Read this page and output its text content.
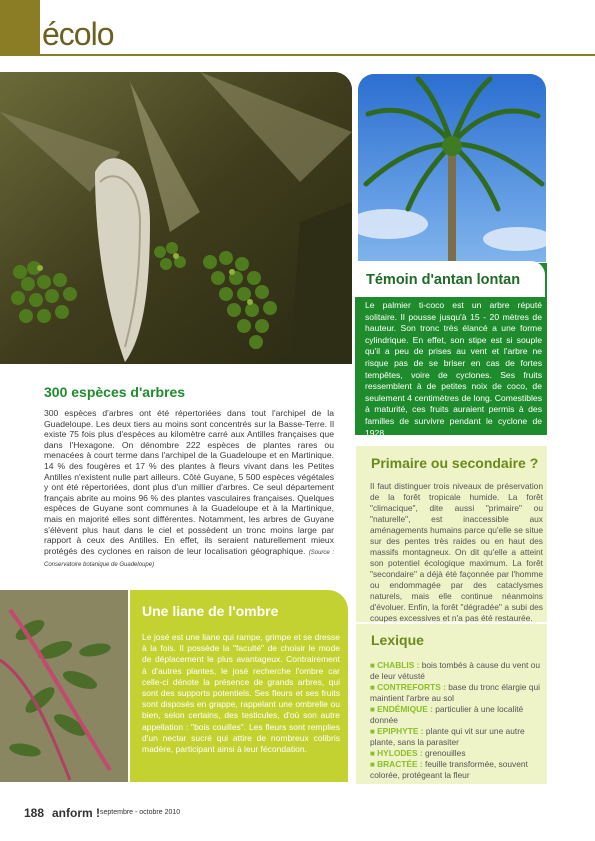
écolo
Témoin d'antan lontan
Le palmier ti-coco est un arbre réputé solitaire. Il pousse jusqu'à 15 - 20 mètres de hauteur. Son tronc très élancé a une forme cylindrique. En effet, son stipe est si souple qu'il a peu de prises au vent et l'arbre ne risque pas de se briser en cas de fortes tempêtes, voire de cyclones. Ses fruits ressemblent à de petites noix de coco, de seulement 4 centimètres de long. Comestibles à maturité, ces fruits auraient permis à des familles de survivre pendant le cyclone de 1928.
300 espèces d'arbres
300 espèces d'arbres ont été répertoriées dans tout l'archipel de la Guadeloupe. Les deux tiers au moins sont concentrés sur la Basse-Terre. Il existe 75 fois plus d'espèces au kilomètre carré aux Antilles françaises que dans l'Hexagone. On dénombre 222 espèces de plantes rares ou menacées à court terme dans l'archipel de la Guadeloupe et en Martinique. 14 % des fougères et 17 % des plantes à fleurs vivant dans les Petites Antilles n'existent nulle part ailleurs. Côté Guyane, 5 500 espèces végétales y ont été répertoriées, dont plus d'un millier d'arbres. Ce seul département français abrite au moins 96 % des plantes vasculaires françaises. Quelques espèces de Guyane sont communes à la Guadeloupe et à la Martinique, mais en majorité elles sont différentes. Notamment, les arbres de Guyane s'élèvent plus haut dans le ciel et possèdent un tronc moins large par rapport à ceux des Antilles. En effet, ils seraient naturellement mieux protégés des cyclones en raison de leur localisation géographique. (Source : Conservatoire botanique de Guadeloupe)
Primaire ou secondaire ?
Il faut distinguer trois niveaux de préservation de la forêt tropicale humide. La forêt "climacique", dite aussi "primaire" ou "naturelle", est inaccessible aux aménagements humains parce qu'elle se situe sur des pentes très raides ou en haut des massifs montagneux. On dit qu'elle a atteint son potentiel écologique maximum. La forêt "secondaire" a déjà été façonnée par l'homme ou endommagée par des cataclysmes naturels, mais elle continue néanmoins d'évoluer. Enfin, la forêt "dégradée" a subi des coupes excessives et n'a pas été restaurée.
Une liane de l'ombre
Le josé est une liane qui rampe, grimpe et se dresse à la fois. Il possède la "faculté" de choisir le mode de déplacement le plus avantageux. Contrairement à d'autres plantes, le josé recherche l'ombre car celle-ci dénote la présence de grands arbres, qui sont des supports potentiels. Ses fleurs et ses fruits sont disposés en grappe, rappelant une ombrelle ou bien, selon certains, des testicules, d'où son autre appellation : "bois couilles". Les fleurs sont remplies d'un nectar sucré qui attire de nombreux colibris madère, participant ainsi à leur fécondation.
Lexique
■ CHABLIS : bois tombés à cause du vent ou de leur vétusté
■ CONTREFORTS : base du tronc élargie qui maintient l'arbre au sol
■ ENDÉMIQUE : particulier à une localité donnée
■ EPIPHYTE : plante qui vit sur une autre plante, sans la parasiter
■ HYLODES : grenouilles
■ BRACTÉE : feuille transformée, souvent colorée, protégeant la fleur
188 anform ! septembre - octobre 2010
